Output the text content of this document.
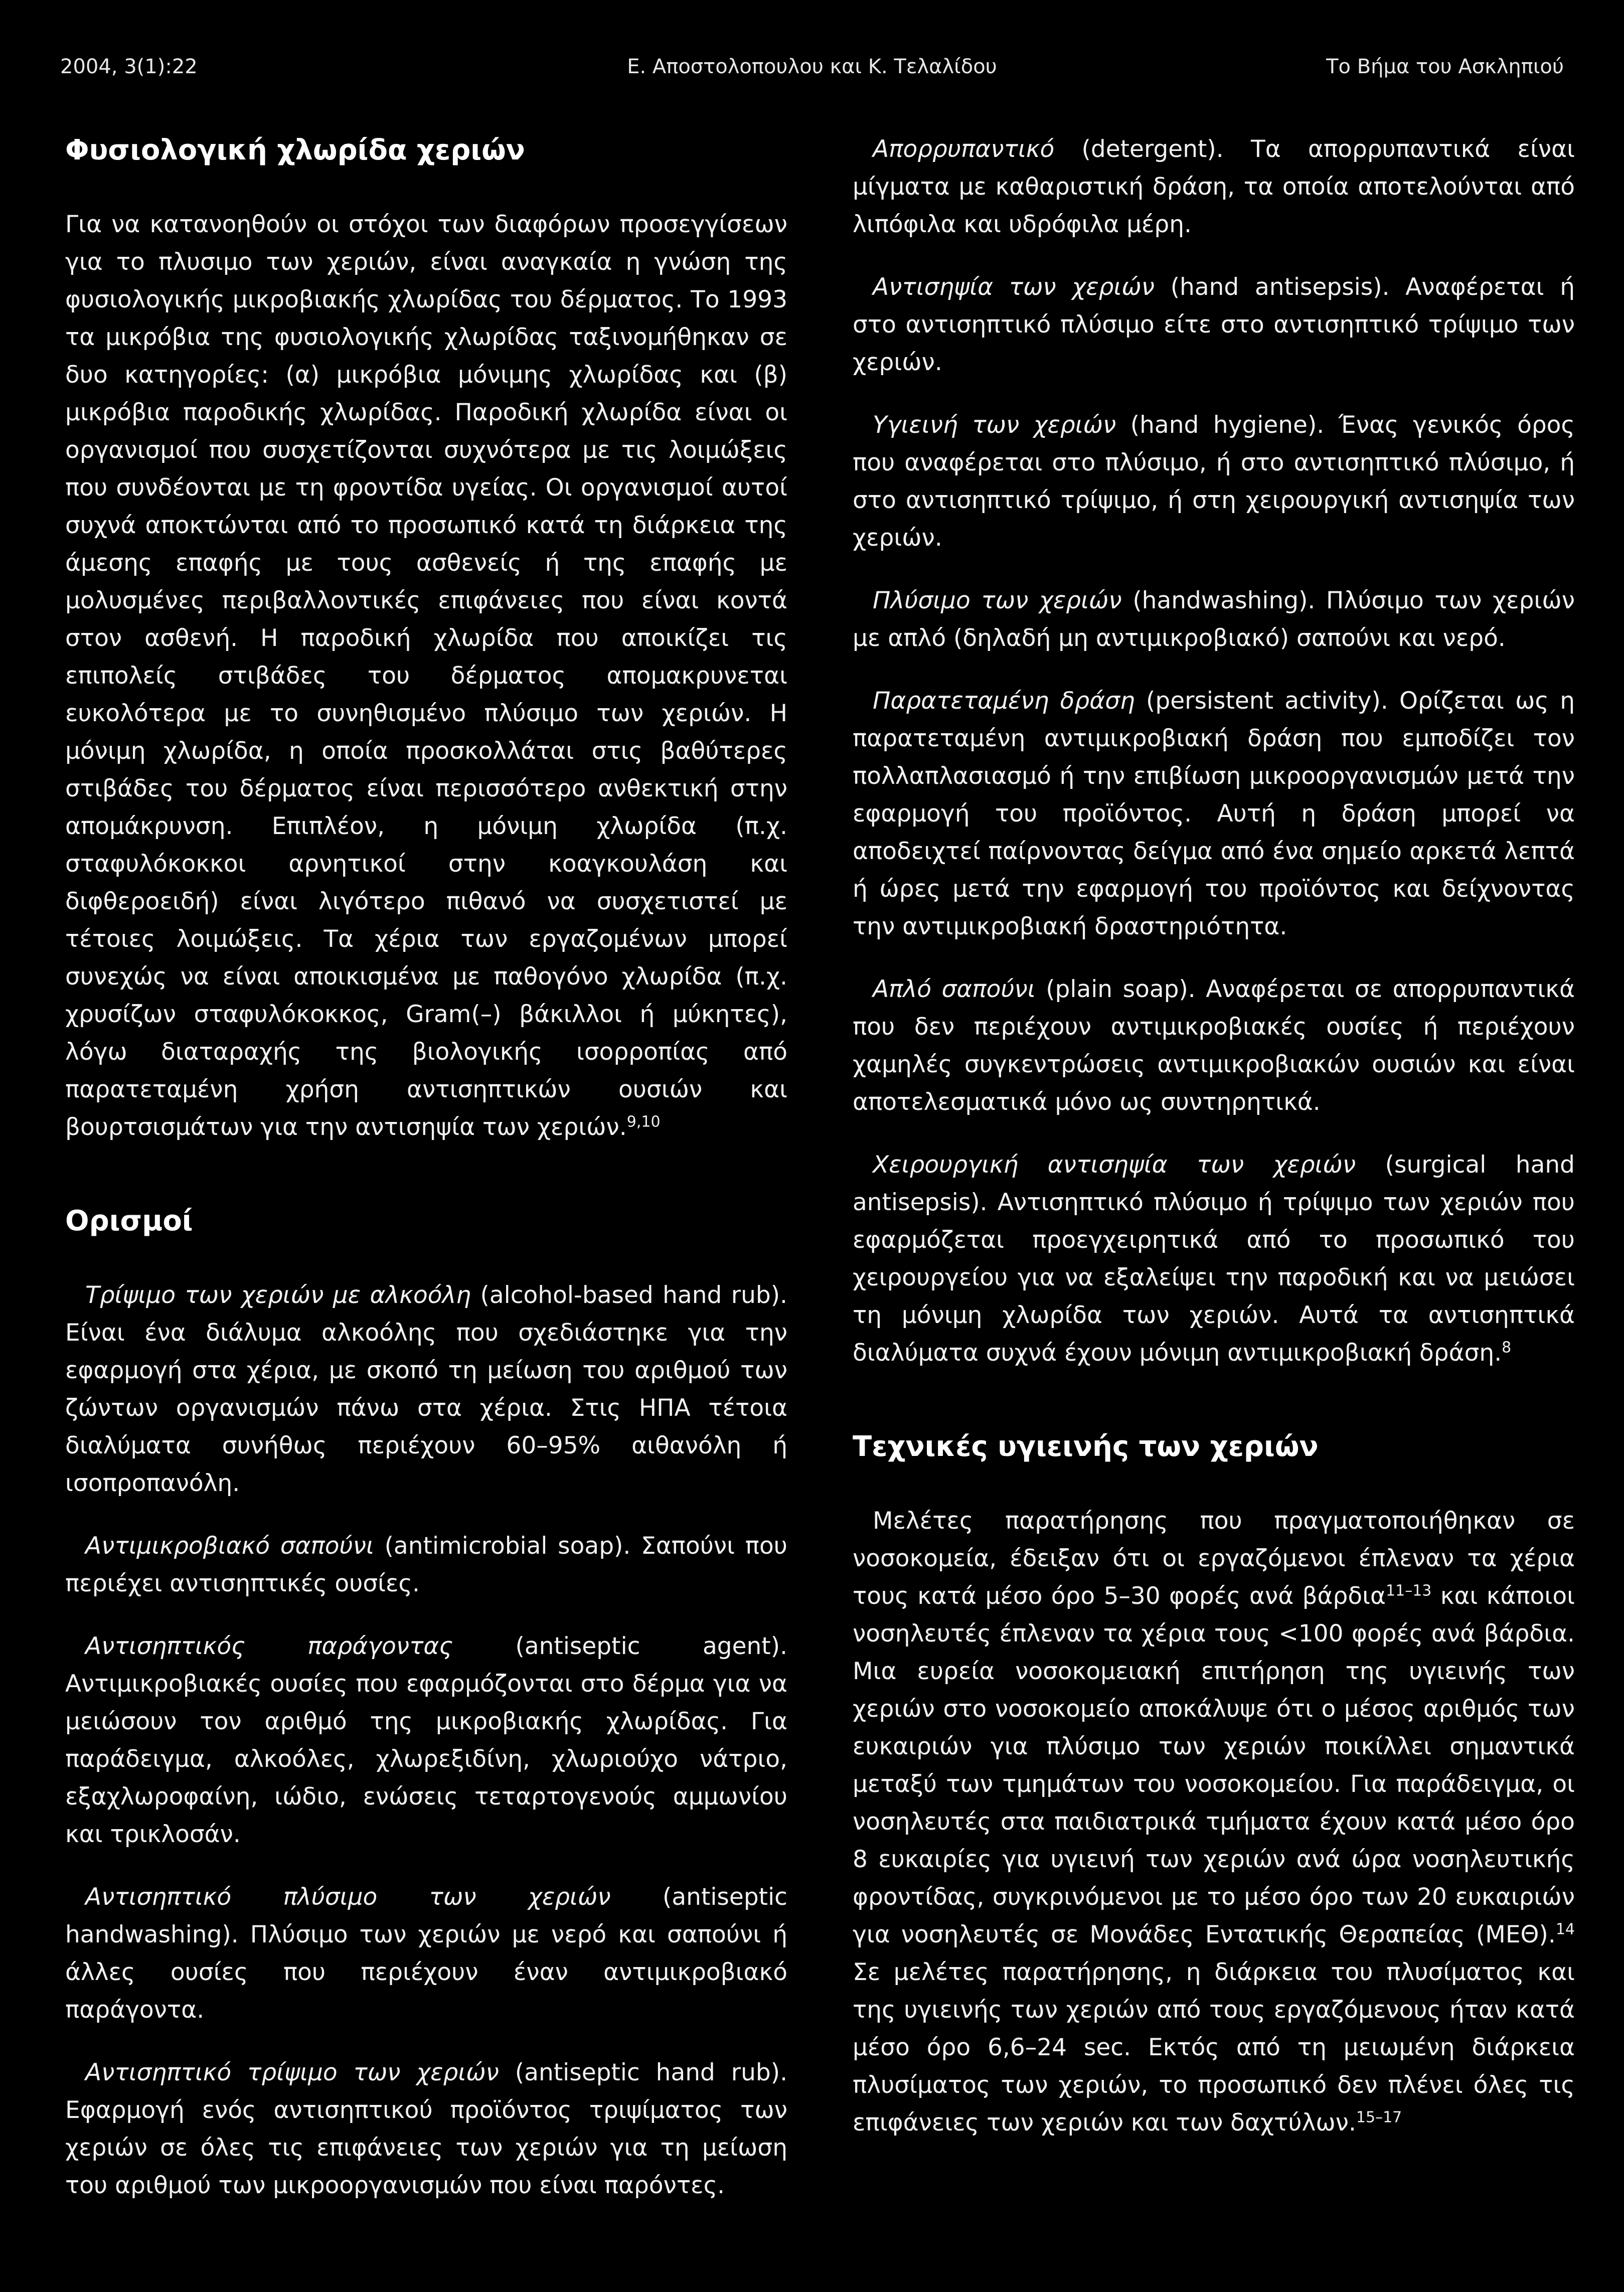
2004, 3(1):22	Ε. Αποστολοπουλου και Κ. Τελαλίδου	Το Βήμα του Ασκληπιού
Φυσιολογική χλωρίδα χεριών

Για να κατανοηθούν οι στόχοι των διαφόρων προσεγγίσεων για το πλυσιμο των χεριών, είναι αναγκαία η γνώση της φυσιολογικής μικροβιακής χλωρίδας του δέρματος. Το 1993 τα μικρόβια της φυσιολογικής χλωρίδας ταξινομήθηκαν σε δυο κατηγορίες: (α) μικρόβια μόνιμης χλωρίδας και (β) μικρόβια παροδικής χλωρίδας. Παροδική χλωρίδα είναι οι οργανισμοί που συσχετίζονται συχνότερα με τις λοιμώξεις που συνδέονται με τη φροντίδα υγείας. Οι οργανισμοί αυτοί συχνά αποκτώνται από το προσωπικό κατά τη διάρκεια της άμεσης επαφής με τους ασθενείς ή της επαφής με μολυσμένες περιβαλλοντικές επιφάνειες που είναι κοντά στον ασθενή. Η παροδική χλωρίδα που αποικίζει τις επιπολείς στιβάδες του δέρματος απομακρυνεται ευκολότερα με το συνηθισμένο πλύσιμο των χεριών. Η μόνιμη χλωρίδα, η οποία προσκολλάται στις βαθύτερες στιβάδες του δέρματος είναι περισσότερο ανθεκτική στην απομάκρυνση. Επιπλέον, η μόνιμη χλωρίδα (π.χ. σταφυλόκοκκοι αρνητικοί στην κοαγκουλάση και διφθεροειδή) είναι λιγότερο πιθανό να συσχετιστεί με τέτοιες λοιμώξεις. Τα χέρια των εργαζομένων μπορεί συνεχώς να είναι αποικισμένα με παθογόνο χλωρίδα (π.χ. χρυσίζων σταφυλόκοκκος, Gram(–) βάκιλλοι ή μύκητες), λόγω διαταραχής της βιολογικής ισορροπίας από παρατεταμένη χρήση αντισηπτικών ουσιών και βουρτσισμάτων για την αντισηψία των χεριών.$^{9,10}$

Ορισμοί

Τρίψιμο των χεριών με αλκοόλη (alcohol-based hand rub). Είναι ένα διάλυμα αλκοόλης που σχεδιάστηκε για την εφαρμογή στα χέρια, με σκοπό τη μείωση του αριθμού των ζώντων οργανισμών πάνω στα χέρια. Στις ΗΠΑ τέτοια διαλύματα συνήθως περιέχουν 60–95% αιθανόλη ή ισοπροπανόλη.

Αντιμικροβιακό σαπούνι (antimicrobial soap). Σαπούνι που περιέχει αντισηπτικές ουσίες.

Αντισηπτικός παράγοντας (antiseptic agent). Αντιμικροβιακές ουσίες που εφαρμόζονται στο δέρμα για να μειώσουν τον αριθμό της μικροβιακής χλωρίδας. Για παράδειγμα, αλκοόλες, χλωρεξιδίνη, χλωριούχο νάτριο, εξαχλωροφαίνη, ιώδιο, ενώσεις τεταρτογενούς αμμωνίου και τρικλοσάν.

Αντισηπτικό πλύσιμο των χεριών (antiseptic handwashing). Πλύσιμο των χεριών με νερό και σαπούνι ή άλλες ουσίες που περιέχουν έναν αντιμικροβιακό παράγοντα.

Αντισηπτικό τρίψιμο των χεριών (antiseptic hand rub). Εφαρμογή ενός αντισηπτικού προϊόντος τριψίματος των χεριών σε όλες τις επιφάνειες των χεριών για τη μείωση του αριθμού των μικροοργανισμών που είναι παρόντες.

Απορρυπαντικό (detergent). Τα απορρυπαντικά είναι μίγματα με καθαριστική δράση, τα οποία αποτελούνται από λιπόφιλα και υδρόφιλα μέρη.

Αντισηψία των χεριών (hand antisepsis). Αναφέρεται ή στο αντισηπτικό πλύσιμο είτε στο αντισηπτικό τρίψιμο των χεριών.

Υγιεινή των χεριών (hand hygiene). Ένας γενικός όρος που αναφέρεται στο πλύσιμο, ή στο αντισηπτικό πλύσιμο, ή στο αντισηπτικό τρίψιμο, ή στη χειρουργική αντισηψία των χεριών.

Πλύσιμο των χεριών (handwashing). Πλύσιμο των χεριών με απλό (δηλαδή μη αντιμικροβιακό) σαπούνι και νερό.

Παρατεταμένη δράση (persistent activity). Ορίζεται ως η παρατεταμένη αντιμικροβιακή δράση που εμποδίζει τον πολλαπλασιασμό ή την επιβίωση μικροοργανισμών μετά την εφαρμογή του προϊόντος. Αυτή η δράση μπορεί να αποδειχτεί παίρνοντας δείγμα από ένα σημείο αρκετά λεπτά ή ώρες μετά την εφαρμογή του προϊόντος και δείχνοντας την αντιμικροβιακή δραστηριότητα.

Απλό σαπούνι (plain soap). Αναφέρεται σε απορρυπαντικά που δεν περιέχουν αντιμικροβιακές ουσίες ή περιέχουν χαμηλές συγκεντρώσεις αντιμικροβιακών ουσιών και είναι αποτελεσματικά μόνο ως συντηρητικά.

Χειρουργική αντισηψία των χεριών (surgical hand antisepsis). Αντισηπτικό πλύσιμο ή τρίψιμο των χεριών που εφαρμόζεται προεγχειρητικά από το προσωπικό του χειρουργείου για να εξαλείψει την παροδική και να μειώσει τη μόνιμη χλωρίδα των χεριών. Αυτά τα αντισηπτικά διαλύματα συχνά έχουν μόνιμη αντιμικροβιακή δράση.$^8$

Τεχνικές υγιεινής των χεριών

Μελέτες παρατήρησης που πραγματοποιήθηκαν σε νοσοκομεία, έδειξαν ότι οι εργαζόμενοι έπλεναν τα χέρια τους κατά μέσο όρο 5–30 φορές ανά βάρδια$^{11-13}$ και κάποιοι νοσηλευτές έπλεναν τα χέρια τους <100 φορές ανά βάρδια. Μια ευρεία νοσοκομειακή επιτήρηση της υγιεινής των χεριών στο νοσοκομείο αποκάλυψε ότι ο μέσος αριθμός των ευκαιριών για πλύσιμο των χεριών ποικίλλει σημαντικά μεταξύ των τμημάτων του νοσοκομείου. Για παράδειγμα, οι νοσηλευτές στα παιδιατρικά τμήματα έχουν κατά μέσο όρο 8 ευκαιρίες για υγιεινή των χεριών ανά ώρα νοσηλευτικής φροντίδας, συγκρινόμενοι με το μέσο όρο των 20 ευκαιριών για νοσηλευτές σε Μονάδες Εντατικής Θεραπείας (ΜΕΘ).$^{14}$ Σε μελέτες παρατήρησης, η διάρκεια του πλυσίματος και της υγιεινής των χεριών από τους εργαζόμενους ήταν κατά μέσο όρο 6,6–24 sec. Εκτός από τη μειωμένη διάρκεια πλυσίματος των χεριών, το προσωπικό δεν πλένει όλες τις επιφάνειες των χεριών και των δαχτύλων.$^{15-17}$
